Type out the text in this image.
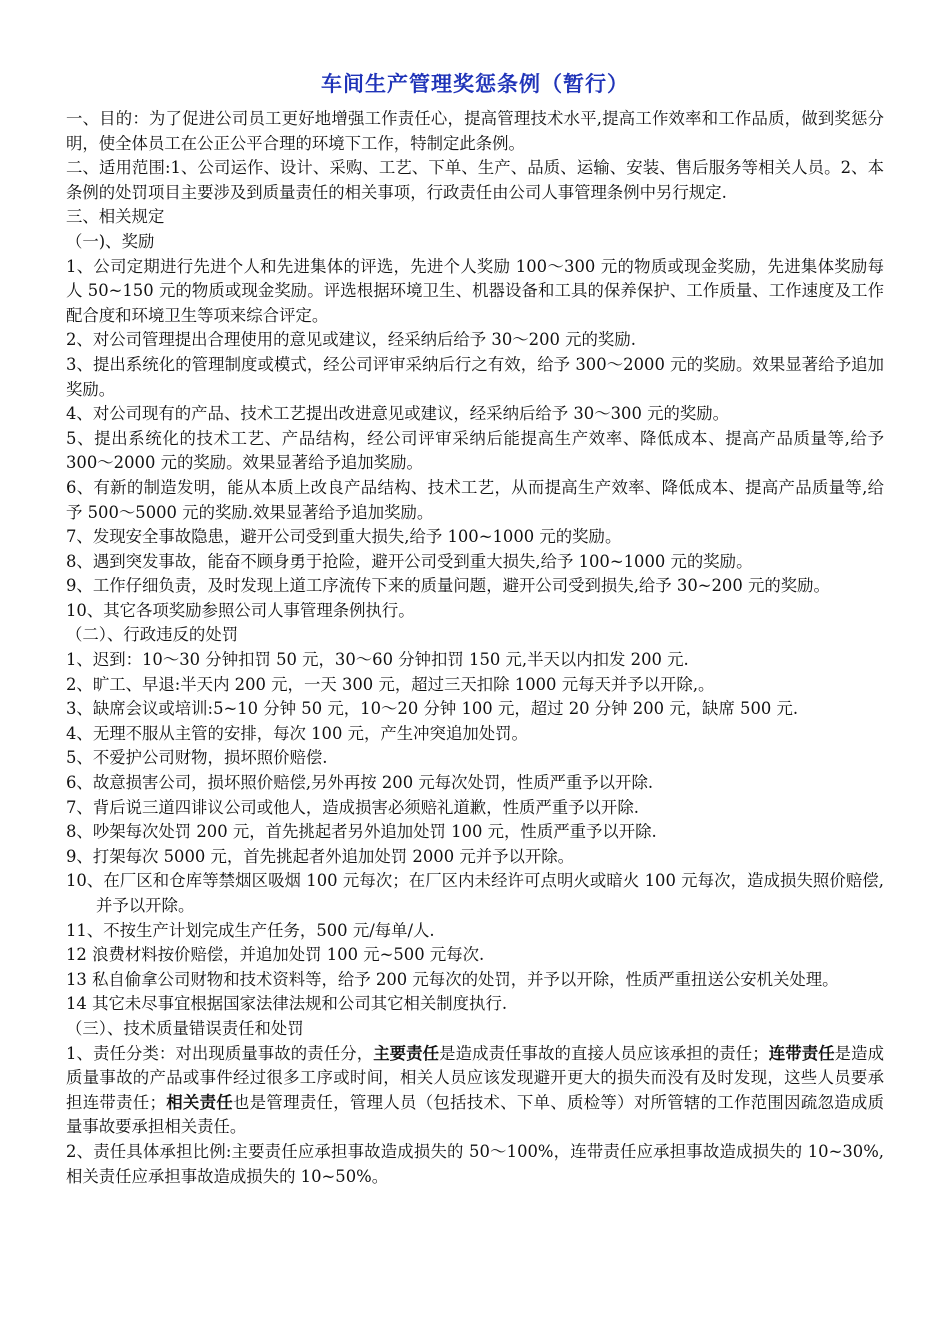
车间生产管理奖惩条例（暂行）

一、目的：为了促进公司员工更好地增强工作责任心，提高管理技术水平,提高工作效率和工作品质，做到奖惩分明，使全体员工在公正公平合理的环境下工作，特制定此条例。

二、适用范围:1、公司运作、设计、采购、工艺、下单、生产、品质、运输、安装、售后服务等相关人员。2、本条例的处罚项目主要涉及到质量责任的相关事项，行政责任由公司人事管理条例中另行规定.

三、相关规定

（一)、奖励

1、公司定期进行先进个人和先进集体的评选，先进个人奖励 100～300 元的物质或现金奖励，先进集体奖励每人 50~150 元的物质或现金奖励。评选根据环境卫生、机器设备和工具的保养保护、工作质量、工作速度及工作配合度和环境卫生等项来综合评定。

2、对公司管理提出合理使用的意见或建议，经采纳后给予 30～200 元的奖励.

3、提出系统化的管理制度或模式，经公司评审采纳后行之有效，给予 300～2000 元的奖励。效果显著给予追加奖励。

4、对公司现有的产品、技术工艺提出改进意见或建议，经采纳后给予 30～300 元的奖励。

5、提出系统化的技术工艺、产品结构，经公司评审采纳后能提高生产效率、降低成本、提高产品质量等,给予 300～2000 元的奖励。效果显著给予追加奖励。

6、有新的制造发明，能从本质上改良产品结构、技术工艺，从而提高生产效率、降低成本、提高产品质量等,给予 500～5000 元的奖励.效果显著给予追加奖励。

7、发现安全事故隐患，避开公司受到重大损失,给予 100~1000 元的奖励。

8、遇到突发事故，能奋不顾身勇于抢险，避开公司受到重大损失,给予 100~1000 元的奖励。

9、工作仔细负责，及时发现上道工序流传下来的质量问题，避开公司受到损失,给予 30~200 元的奖励。

10、其它各项奖励参照公司人事管理条例执行。

（二）、行政违反的处罚

1、迟到：10～30 分钟扣罚 50 元，30～60 分钟扣罚 150 元,半天以内扣发 200 元.

2、旷工、早退:半天内 200 元，一天 300 元，超过三天扣除 1000 元每天并予以开除,。

3、缺席会议或培训:5~10 分钟 50 元，10～20 分钟 100 元，超过 20 分钟 200 元，缺席 500 元.

4、无理不服从主管的安排，每次 100 元，产生冲突追加处罚。

5、不爱护公司财物，损坏照价赔偿.

6、故意损害公司，损坏照价赔偿,另外再按 200 元每次处罚，性质严重予以开除.

7、背后说三道四诽议公司或他人，造成损害必须赔礼道歉，性质严重予以开除.

8、吵架每次处罚 200 元，首先挑起者另外追加处罚 100 元，性质严重予以开除.

9、打架每次 5000 元，首先挑起者外追加处罚 2000 元并予以开除。

10、在厂区和仓库等禁烟区吸烟 100 元每次；在厂区内未经许可点明火或暗火 100 元每次，造成损失照价赔偿,并予以开除。

11、不按生产计划完成生产任务，500 元/每单/人.

12 浪费材料按价赔偿，并追加处罚 100 元~500 元每次.

13 私自偷拿公司财物和技术资料等，给予 200 元每次的处罚，并予以开除，性质严重扭送公安机关处理。

14 其它未尽事宜根据国家法律法规和公司其它相关制度执行.

（三）、技术质量错误责任和处罚

1、责任分类：对出现质量事故的责任分，主要责任是造成责任事故的直接人员应该承担的责任；连带责任是造成质量事故的产品或事件经过很多工序或时间，相关人员应该发现避开更大的损失而没有及时发现，这些人员要承担连带责任；相关责任也是管理责任，管理人员（包括技术、下单、质检等）对所管辖的工作范围因疏忽造成质量事故要承担相关责任。

2、责任具体承担比例:主要责任应承担事故造成损失的 50～100%，连带责任应承担事故造成损失的 10~30%,相关责任应承担事故造成损失的 10~50%。
